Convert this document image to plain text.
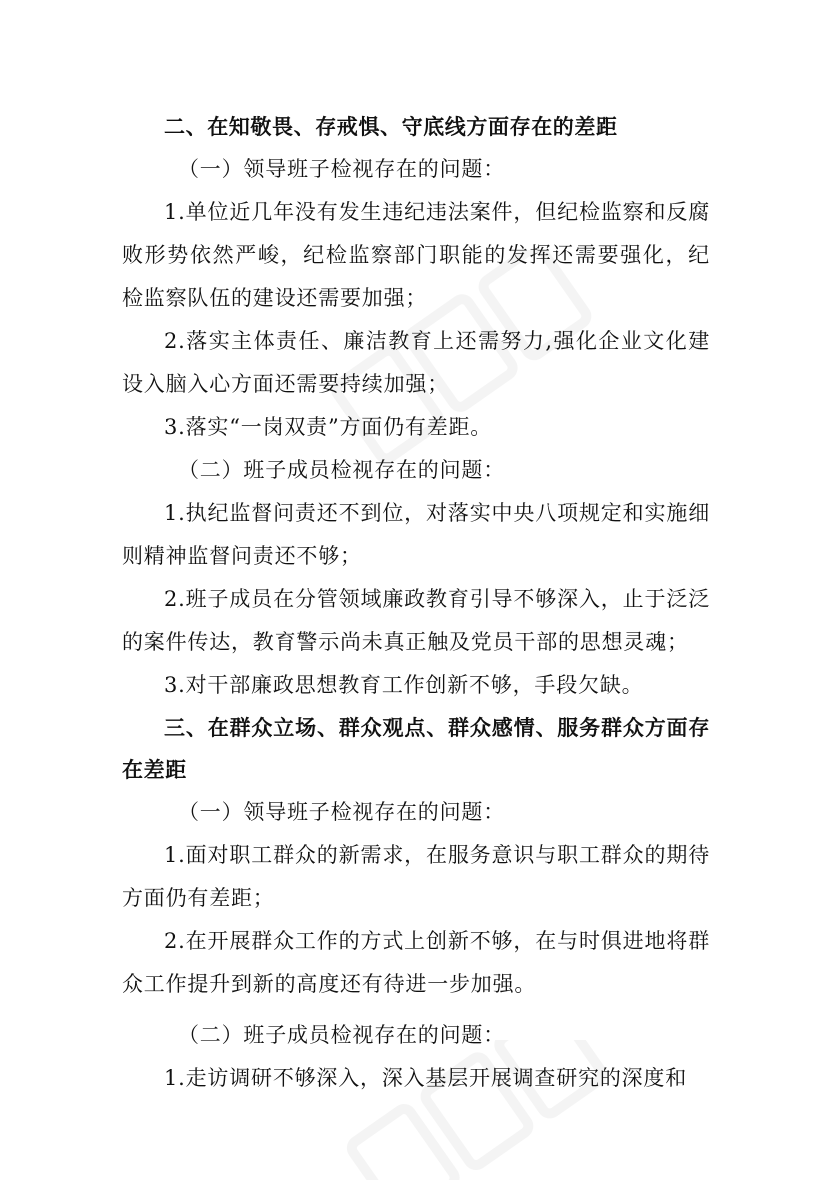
二、在知敬畏、存戒惧、守底线方面存在的差距

（一）领导班子检视存在的问题：

1.单位近几年没有发生违纪违法案件，但纪检监察和反腐败形势依然严峻，纪检监察部门职能的发挥还需要强化，纪检监察队伍的建设还需要加强；

2.落实主体责任、廉洁教育上还需努力,强化企业文化建设入脑入心方面还需要持续加强；

3.落实“一岗双责”方面仍有差距。

（二）班子成员检视存在的问题：

1.执纪监督问责还不到位，对落实中央八项规定和实施细则精神监督问责还不够；

2.班子成员在分管领域廉政教育引导不够深入，止于泛泛的案件传达，教育警示尚未真正触及党员干部的思想灵魂；

3.对干部廉政思想教育工作创新不够，手段欠缺。

三、在群众立场、群众观点、群众感情、服务群众方面存在差距

（一）领导班子检视存在的问题：

1.面对职工群众的新需求，在服务意识与职工群众的期待方面仍有差距；

2.在开展群众工作的方式上创新不够，在与时俱进地将群众工作提升到新的高度还有待进一步加强。

（二）班子成员检视存在的问题：

1.走访调研不够深入，深入基层开展调查研究的深度和
